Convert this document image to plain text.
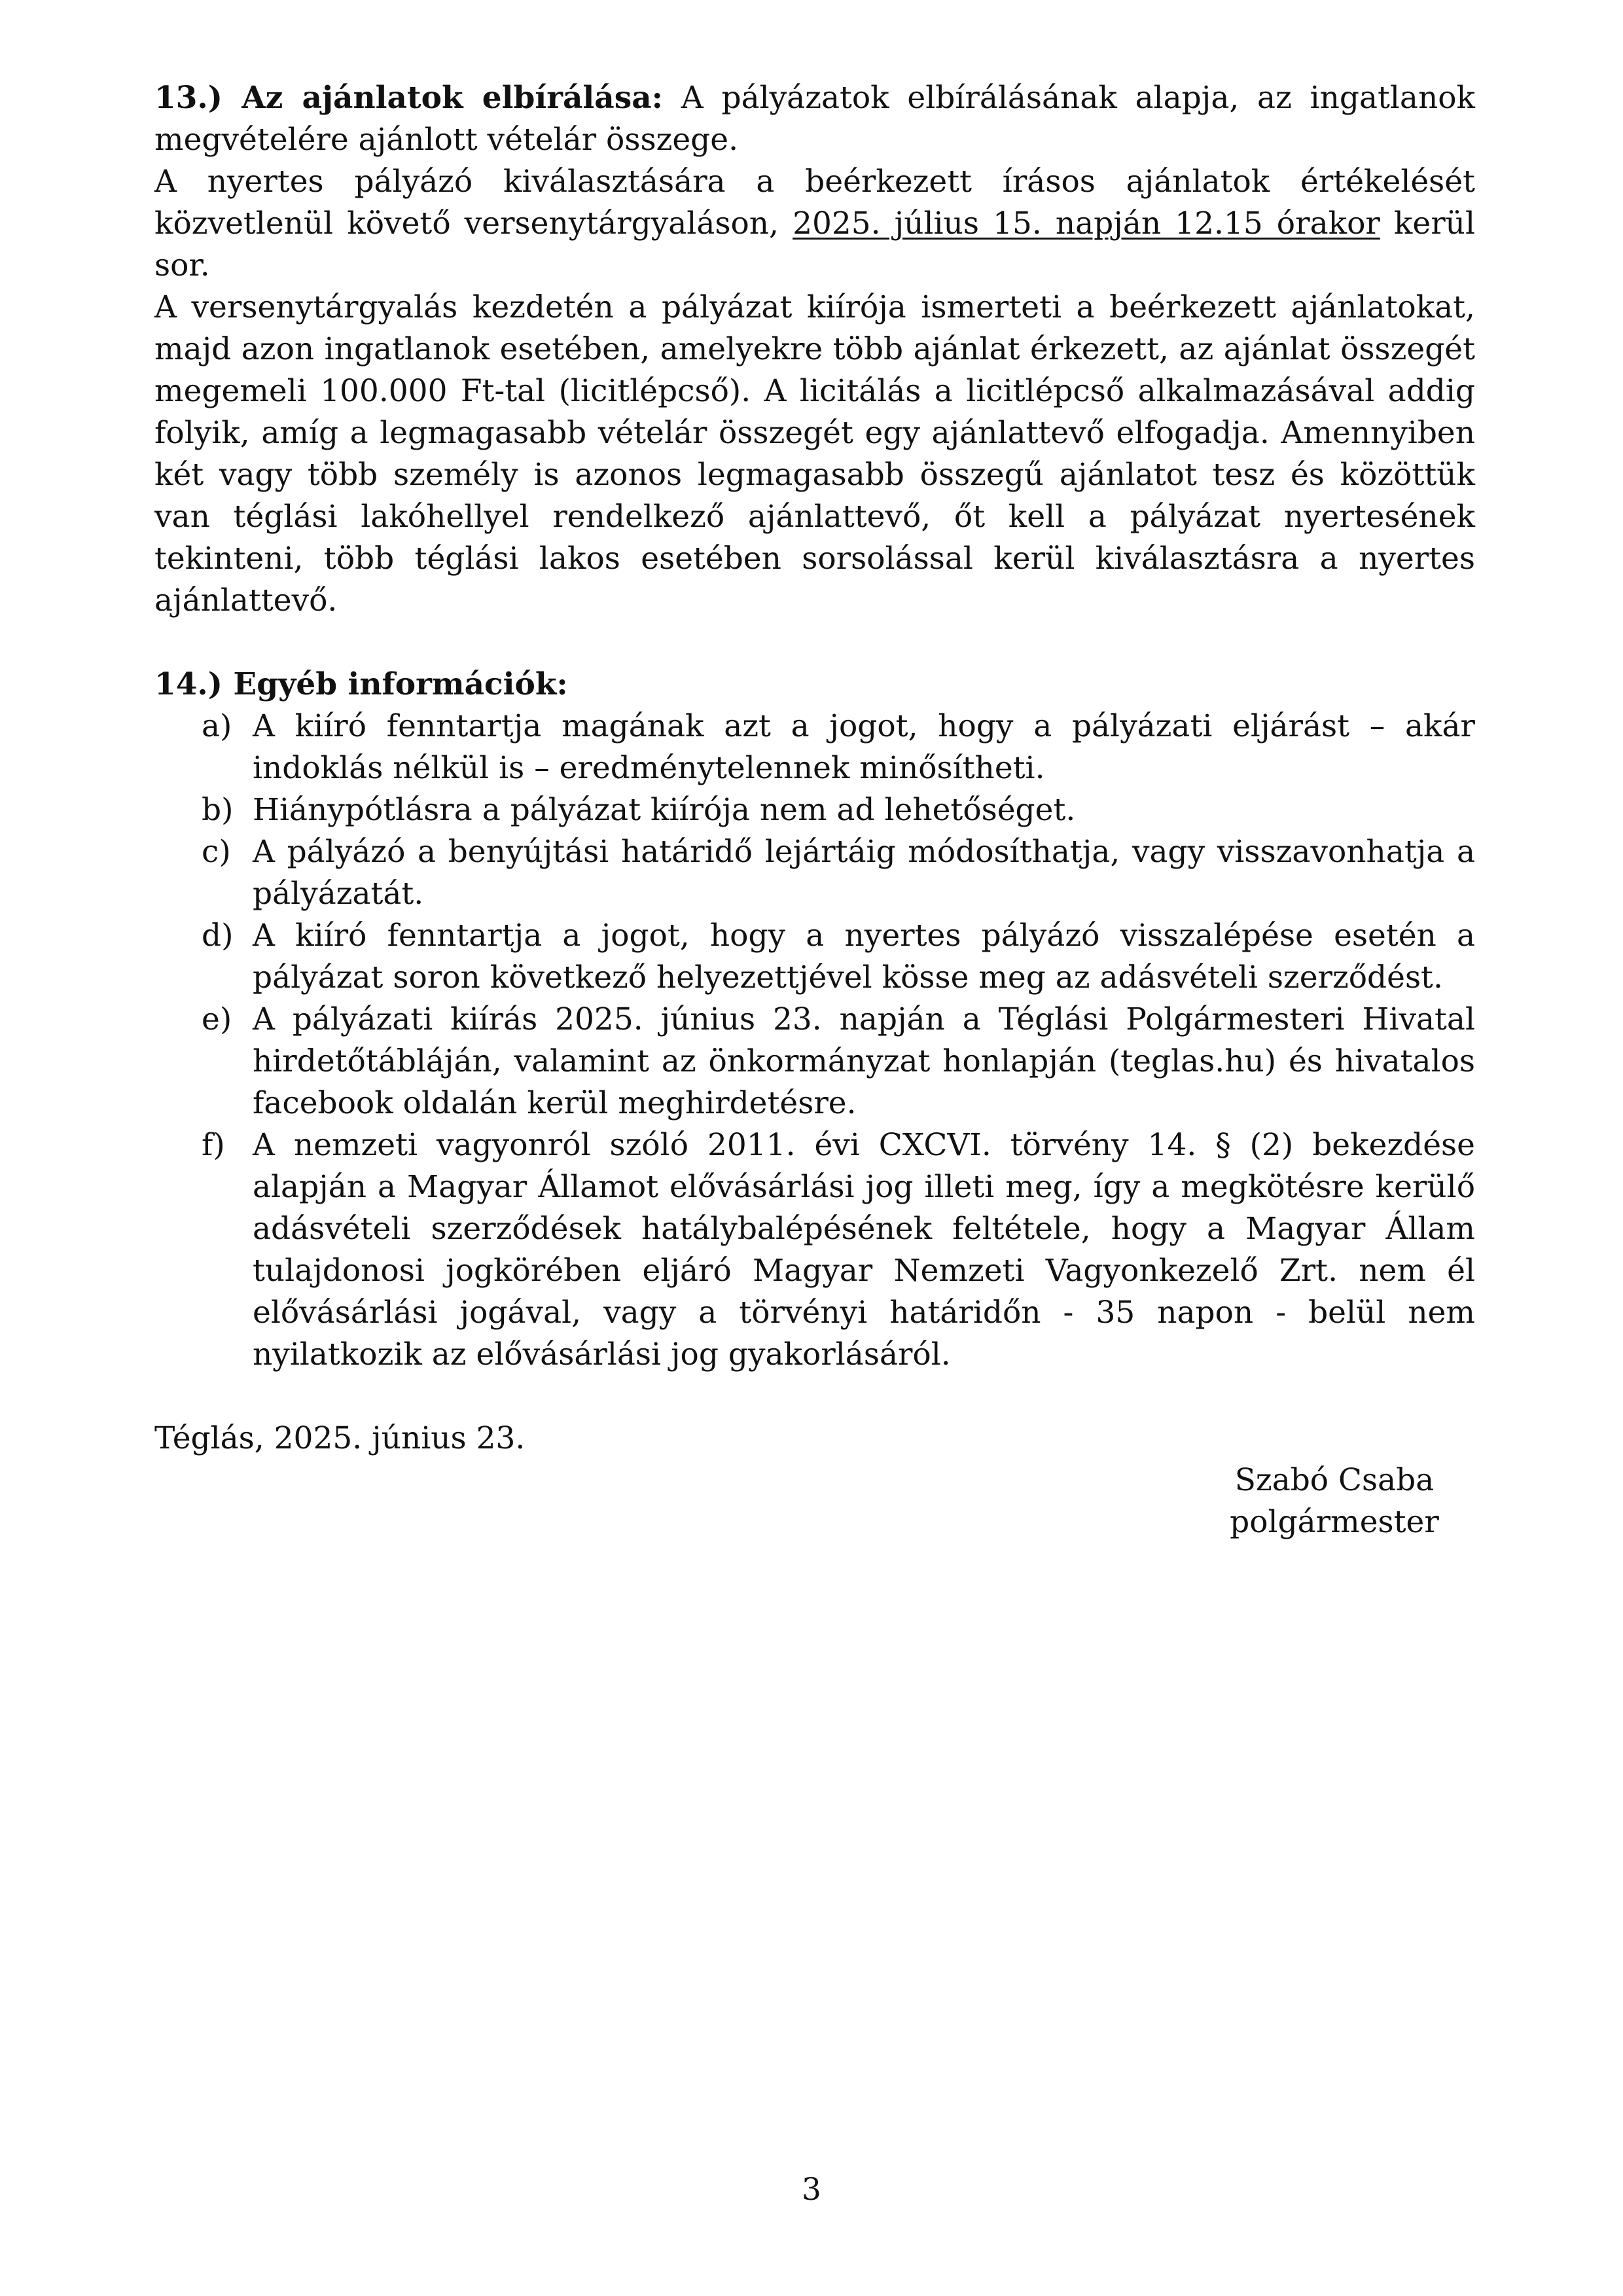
13.) Az ajánlatok elbírálása: A pályázatok elbírálásának alapja, az ingatlanok megvételére ajánlott vételár összege.

A nyertes pályázó kiválasztására a beérkezett írásos ajánlatok értékelését közvetlenül követő versenytárgyaláson, 2025. július 15. napján 12.15 órakor kerül sor.

A versenytárgyalás kezdetén a pályázat kiírója ismerteti a beérkezett ajánlatokat, majd azon ingatlanok esetében, amelyekre több ajánlat érkezett, az ajánlat összegét megemeli 100.000 Ft-tal (licitlépcső). A licitálás a licitlépcső alkalmazásával addig folyik, amíg a legmagasabb vételár összegét egy ajánlattevő elfogadja. Amennyiben két vagy több személy is azonos legmagasabb összegű ajánlatot tesz és közöttük van téglási lakóhellyel rendelkező ajánlattevő, őt kell a pályázat nyertesének tekinteni, több téglási lakos esetében sorsolással kerül kiválasztásra a nyertes ajánlattevő.

14.) Egyéb információk:

a) A kiíró fenntartja magának azt a jogot, hogy a pályázati eljárást – akár indoklás nélkül is – eredménytelennek minősítheti.
b) Hiánypótlásra a pályázat kiírója nem ad lehetőséget.
c) A pályázó a benyújtási határidő lejártáig módosíthatja, vagy visszavonhatja a pályázatát.
d) A kiíró fenntartja a jogot, hogy a nyertes pályázó visszalépése esetén a pályázat soron következő helyezettjével kösse meg az adásvételi szerződést.
e) A pályázati kiírás 2025. június 23. napján a Téglási Polgármesteri Hivatal hirdetőtábláján, valamint az önkormányzat honlapján (teglas.hu) és hivatalos facebook oldalán kerül meghirdetésre.
f) A nemzeti vagyonról szóló 2011. évi CXCVI. törvény 14. § (2) bekezdése alapján a Magyar Államot elővásárlási jog illeti meg, így a megkötésre kerülő adásvételi szerződések hatálybalépésének feltétele, hogy a Magyar Állam tulajdonosi jogkörében eljáró Magyar Nemzeti Vagyonkezelő Zrt. nem él elővásárlási jogával, vagy a törvényi határidőn - 35 napon - belül nem nyilatkozik az elővásárlási jog gyakorlásáról.

Téglás, 2025. június 23.

Szabó Csaba
polgármester
3
